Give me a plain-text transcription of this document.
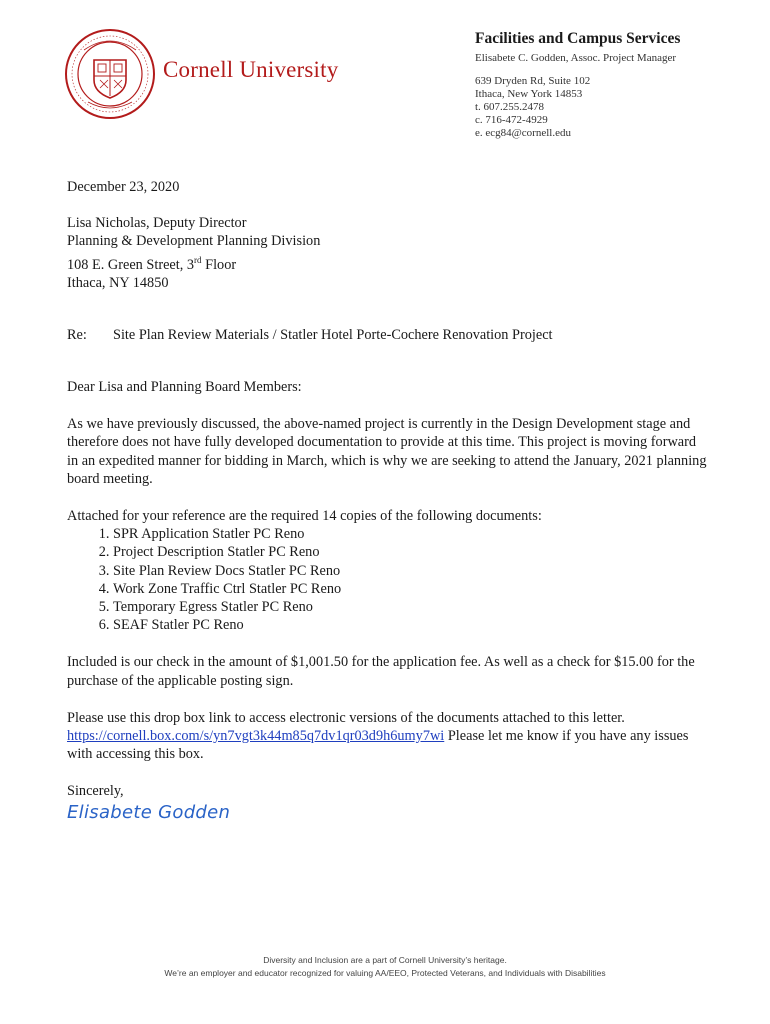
Cornell University
Facilities and Campus Services
Elisabete C. Godden, Assoc. Project Manager
639 Dryden Rd, Suite 102
Ithaca, New York 14853
t. 607.255.2478
c. 716-472-4929
e. ecg84@cornell.edu

December 23, 2020

Lisa Nicholas, Deputy Director

Planning & Development Planning Division

108 E. Green Street, 3rd Floor

Ithaca, NY 14850

Re:	Site Plan Review Materials / Statler Hotel Porte-Cochere Renovation Project

Dear Lisa and Planning Board Members:

As we have previously discussed, the above-named project is currently in the Design Development stage and therefore does not have fully developed documentation to provide at this time. This project is moving forward in an expedited manner for bidding in March, which is why we are seeking to attend the January, 2021 planning board meeting.

Attached for your reference are the required 14 copies of the following documents:

1. SPR Application Statler PC Reno
2. Project Description Statler PC Reno
3. Site Plan Review Docs Statler PC Reno
4. Work Zone Traffic Ctrl Statler PC Reno
5. Temporary Egress Statler PC Reno
6. SEAF Statler PC Reno

Included is our check in the amount of $1,001.50 for the application fee. As well as a check for $15.00 for the purchase of the applicable posting sign.

Please use this drop box link to access electronic versions of the documents attached to this letter.
https://cornell.box.com/s/yn7vgt3k44m85q7dv1qr03d9h6umy7wi Please let me know if you have any issues with accessing this box.

Sincerely,

Elisabete Godden
Diversity and Inclusion are a part of Cornell University’s heritage.
We’re an employer and educator recognized for valuing AA/EEO, Protected Veterans, and Individuals with Disabilities
